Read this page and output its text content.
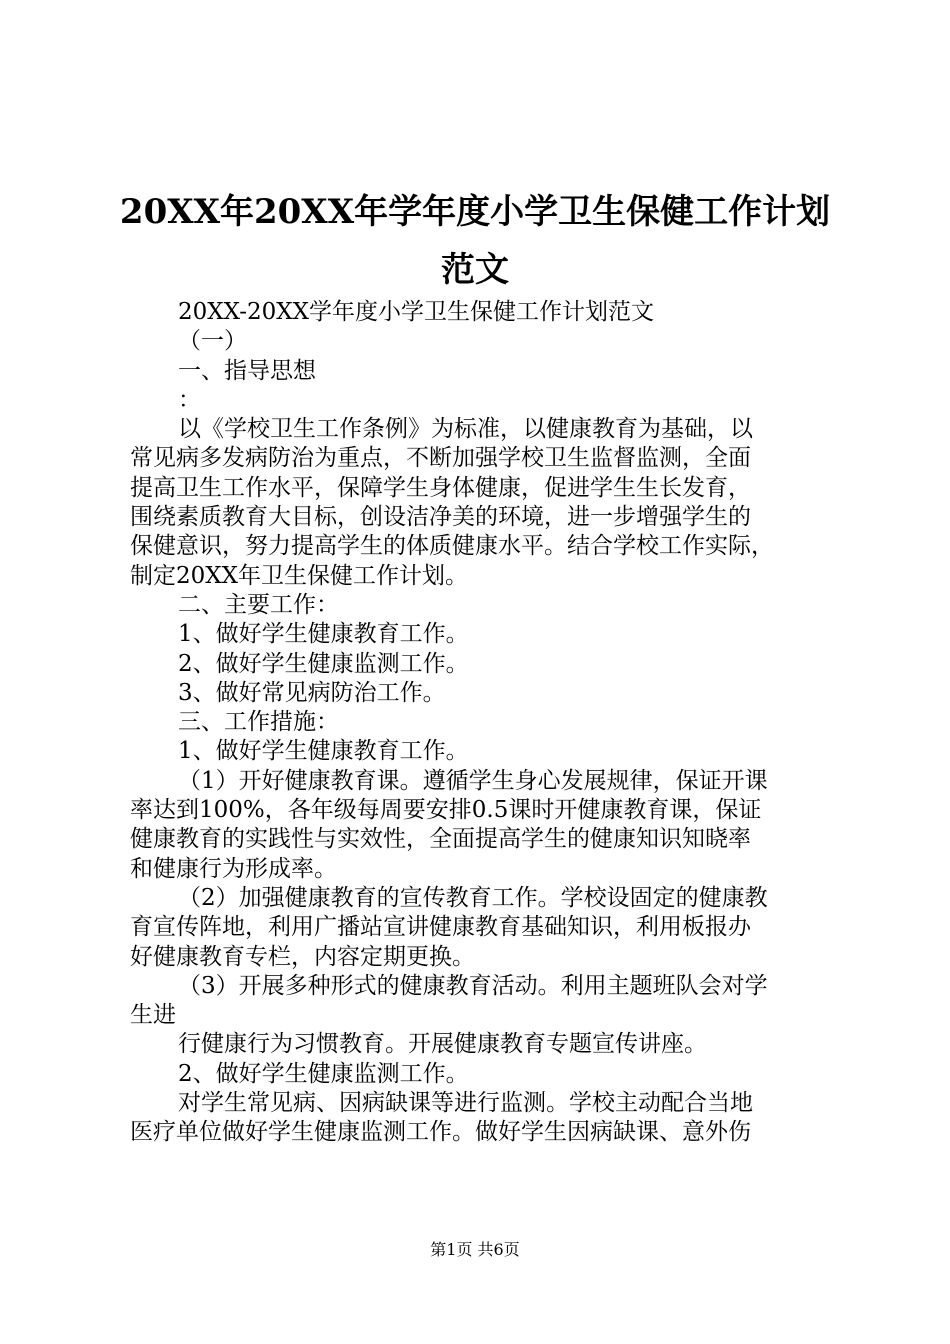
20XX年20XX年学年度小学卫生保健工作计划
范文
20XX-20XX学年度小学卫生保健工作计划范文
（一）
一、指导思想
：
以《学校卫生工作条例》为标准，以健康教育为基础，以
常见病多发病防治为重点，不断加强学校卫生监督监测，全面
提高卫生工作水平，保障学生身体健康，促进学生生长发育，
围绕素质教育大目标，创设洁净美的环境，进一步增强学生的
保健意识，努力提高学生的体质健康水平。结合学校工作实际，
制定20XX年卫生保健工作计划。
二、主要工作：
1、做好学生健康教育工作。
2、做好学生健康监测工作。
3、做好常见病防治工作。
三、工作措施：
1、做好学生健康教育工作。
（1）开好健康教育课。遵循学生身心发展规律，保证开课
率达到100%，各年级每周要安排0.5课时开健康教育课，保证
健康教育的实践性与实效性，全面提高学生的健康知识知晓率
和健康行为形成率。
（2）加强健康教育的宣传教育工作。学校设固定的健康教
育宣传阵地，利用广播站宣讲健康教育基础知识，利用板报办
好健康教育专栏，内容定期更换。
（3）开展多种形式的健康教育活动。利用主题班队会对学
生进
行健康行为习惯教育。开展健康教育专题宣传讲座。
2、做好学生健康监测工作。
对学生常见病、因病缺课等进行监测。学校主动配合当地
医疗单位做好学生健康监测工作。做好学生因病缺课、意外伤
第1页 共6页
